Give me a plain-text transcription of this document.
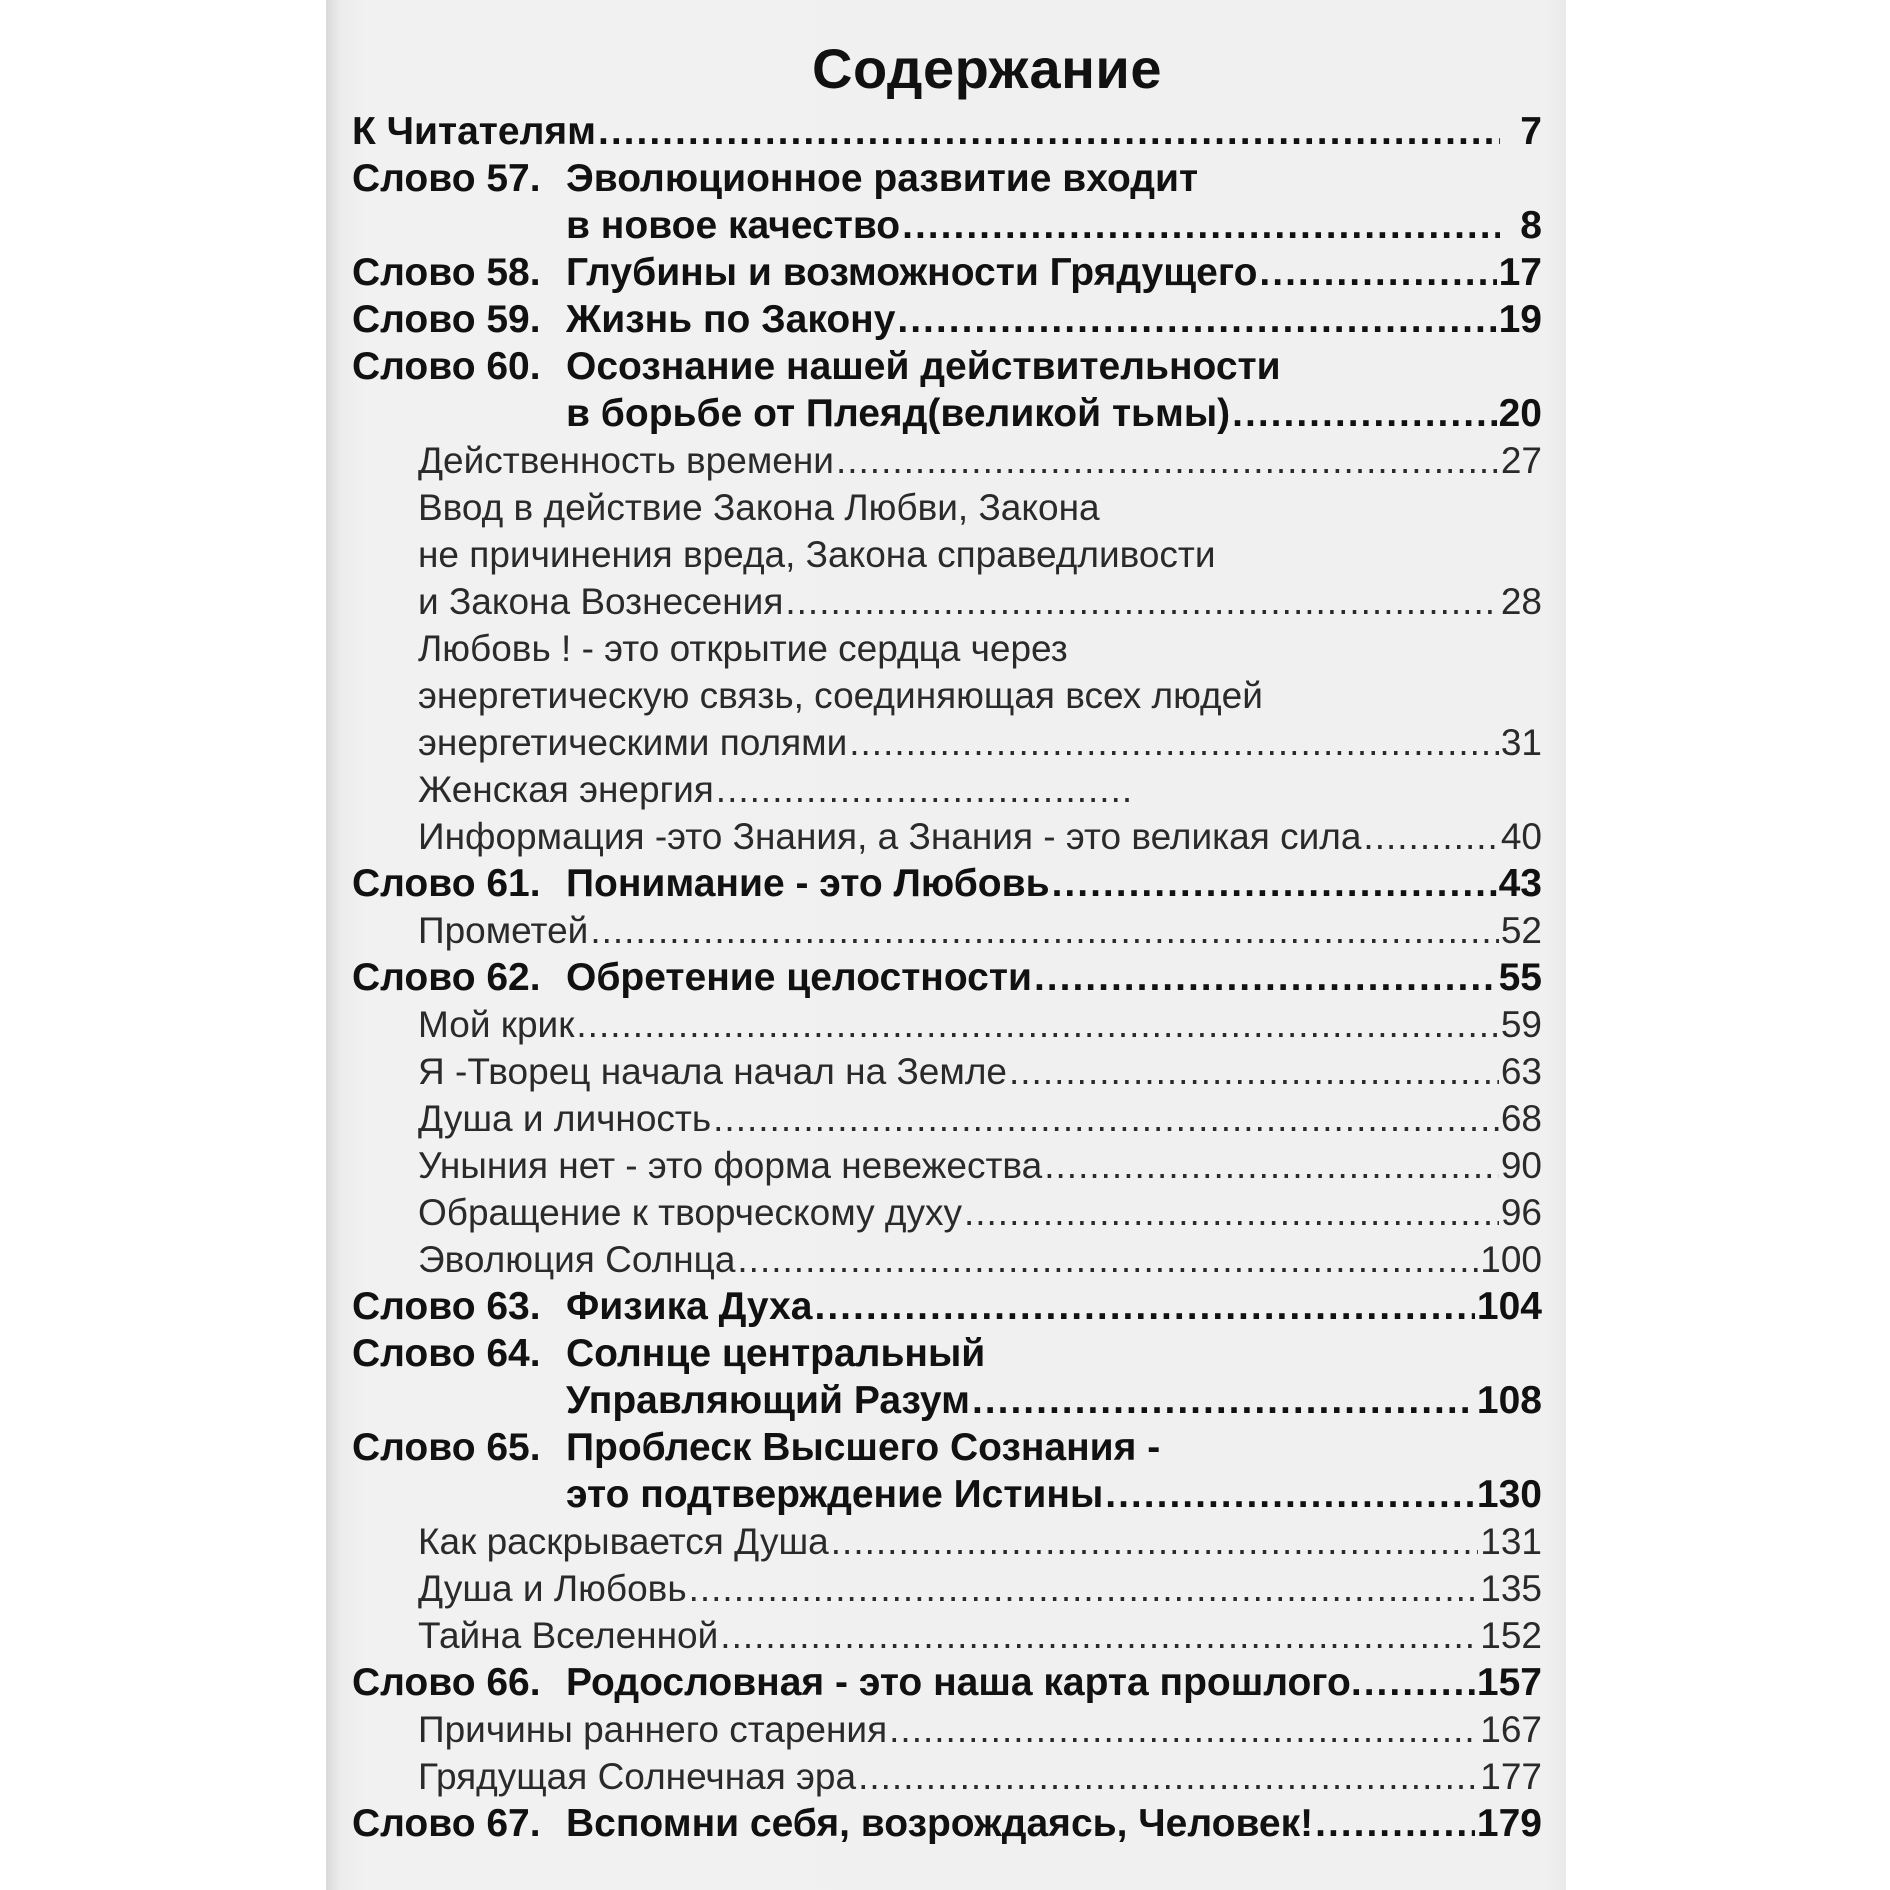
Содержание
К Читателям .....	7
Слово 57. Эволюционное развитие входит
в новое качество .....	8
Слово 58. Глубины и возможности Грядущего .....	17
Слово 59. Жизнь по Закону .....	19
Слово 60. Осознание нашей действительности
в борьбе от Плеяд(великой тьмы) .....	20
Действенность времени .....	27
Ввод в действие Закона Любви, Закона
не причинения вреда, Закона справедливости
и Закона Вознесения .....	28
Любовь ! - это открытие сердца через
энергетическую связь, соединяющая всех людей
энергетическими полями .....	31
Женская энергия
.....
Информация -это Знания, а Знания - это великая сила .....	40
Слово 61. Понимание - это Любовь .....	43
Прометей .....	52
Слово 62. Обретение целостности .....	55
Мой крик .....	59
Я -Творец начала начал на Земле .....	63
Душа и личность .....	68
Уныния нет - это форма невежества .....	90
Обращение к творческому духу .....	96
Эволюция Солнца .....	100
Слово 63. Физика Духа .....	104
Слово 64. Солнце центральный
Управляющий Разум .....	108
Слово 65. Проблеск Высшего Сознания -
это подтверждение Истины .....	130
Как раскрывается Душа .....	131
Душа и Любовь .....	135
Тайна Вселенной .....	152
Слово 66. Родословная - это наша карта прошлого. .....	157
Причины раннего старения .....	167
Грядущая Солнечная эра .....	177
Слово 67. Вспомни себя, возрождаясь, Человек! .....	179
